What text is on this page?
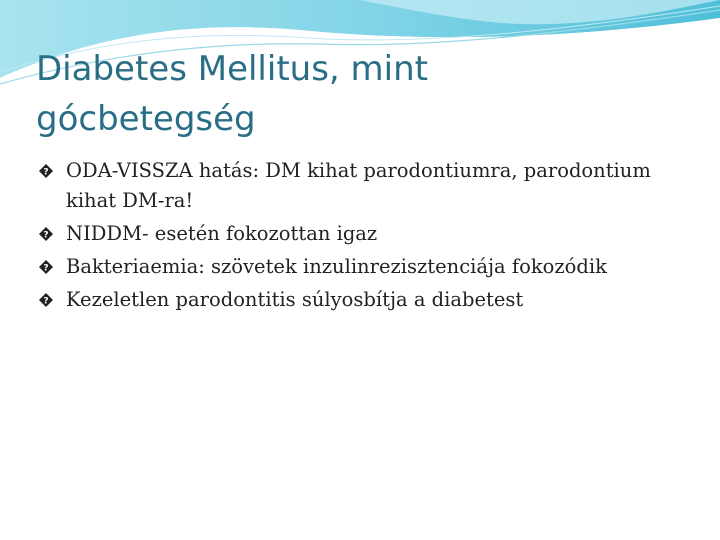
Diabetes Mellitus, mint
gócbetegség
? ODA-VISSZA hatás: DM kihat parodontiumra, parodontium kihat DM-ra!
? NIDDM- esetén fokozottan igaz
? Bakteriaemia: szövetek inzulinrezisztenciája fokozódik
? Kezeletlen parodontitis súlyosbítja a diabetest
